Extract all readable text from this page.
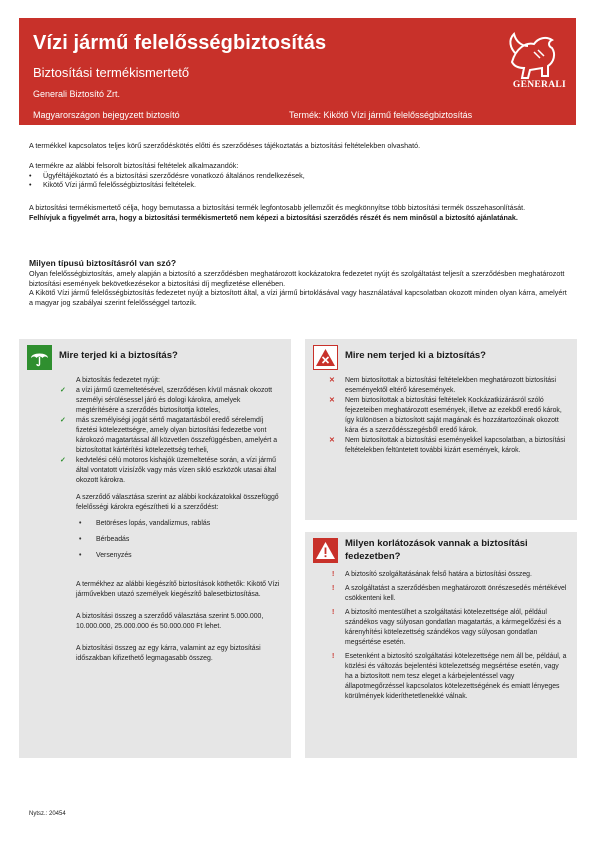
Vízi jármű felelősségbiztosítás
Biztosítási termékismertető
Generali Biztosító Zrt.
Magyarországon bejegyzett biztosító	Termék: Kikötő Vízi jármű felelősségbiztosítás
GENERALI
A termékkel kapcsolatos teljes körű szerződéskötés előtti és szerződéses tájékoztatás a biztosítási feltételekben olvasható.
A termékre az alábbi felsorolt biztosítási feltételek alkalmazandók:
• Ügyféltájékoztató és a biztosítási szerződésre vonatkozó általános rendelkezések,
• Kikötő Vízi jármű felelősségbiztosítási feltételek.
A biztosítási termékismertető célja, hogy bemutassa a biztosítási termék legfontosabb jellemzőit és megkönnyítse több biztosítási termék összehasonlítását.
Felhívjuk a figyelmét arra, hogy a biztosítási termékismertető nem képezi a biztosítási szerződés részét és nem minősül a biztosító ajánlatának.
Milyen típusú biztosításról van szó?
Olyan felelősségbiztosítás, amely alapján a biztosító a szerződésben meghatározott kockázatokra fedezetet nyújt és szolgáltatást teljesít a szerződésben meghatározott biztosítási események bekövetkezésekor a biztosítási díj megfizetése ellenében.
A Kikötő Vízi jármű felelősségbiztosítás fedezetet nyújt a biztosított által, a vízi jármű birtoklásával vagy használatával kapcsolatban okozott minden olyan kárra, amelyért a magyar jog szabályai szerint felelősséggel tartozik.
Mire terjed ki a biztosítás?
A biztosítás fedezetet nyújt:
✓ a vízi jármű üzemeltetésével, szerződésen kívül másnak okozott személyi sérülésessel járó és dologi károkra, amelyek megtérítésére a szerződés biztosítottja köteles,
✓ más személyiségi jogát sértő magatartásból eredő sérelemdíj fizetési kötelezettségre, amely olyan biztosítási fedezetbe vont károkozó magatartással áll közvetlen összefüggésben, amelyért a biztosítottat kártérítési kötelezettség terheli,
✓ kedvtelési célú motoros kishajók üzemeltetése során, a vízi jármű által vontatott vízisízők vagy más vízen sikló eszközök utasai által okozott károkra.
A szerződő választása szerint az alábbi kockázatokkal összefüggő felelősségi károkra egészítheti ki a szerződést:
• Betöréses lopás, vandalizmus, rablás
• Bérbeadás
• Versenyzés
A termékhez az alábbi kiegészítő biztosítások köthetők: Kikötő Vízi járművekben utazó személyek kiegészítő balesetbiztosítása.
A biztosítási összeg a szerződő választása szerint 5.000.000, 10.000.000, 25.000.000 és 50.000.000 Ft lehet.
A biztosítási összeg az egy kárra, valamint az egy biztosítási időszakban kifizethető legmagasabb összeg.
Mire nem terjed ki a biztosítás?
✕ Nem biztosítottak a biztosítási feltételekben meghatározott biztosítási eseményektől eltérő káresemények.
✕ Nem biztosítottak a biztosítási feltételek Kockázatkizárásról szóló fejezeteiben meghatározott események, illetve az ezekből eredő károk, így különösen a biztosított saját magának és hozzátartozóinak okozott kára és a szerződésszegésből eredő károk.
✕ Nem biztosítottak a biztosítási eseményekkel kapcsolatban, a biztosítási feltételekben feltüntetett további kizárt események, károk.
Milyen korlátozások vannak a biztosítási fedezetben?
! A biztosító szolgáltatásának felső határa a biztosítási összeg.
! A szolgáltatást a szerződésben meghatározott önrészesedés mértékével csökkenteni kell.
! A biztosító mentesülhet a szolgáltatási kötelezettsége alól, például szándékos vagy súlyosan gondatlan magatartás, a kármegelőzési és a kárenyhítési kötelezettség szándékos vagy súlyosan gondatlan megsértése esetén.
! Esetenként a biztosító szolgáltatási kötelezettsége nem áll be, például, a közlési és változás bejelentési kötelezettség megsértése esetén, vagy ha a biztosított nem tesz eleget a kárbejelentéssel vagy állapotmegőrzéssel kapcsolatos kötelezettségének és emiatt lényeges körülmények kideríthetetlenekké válnak.
Nytsz.: 20454
